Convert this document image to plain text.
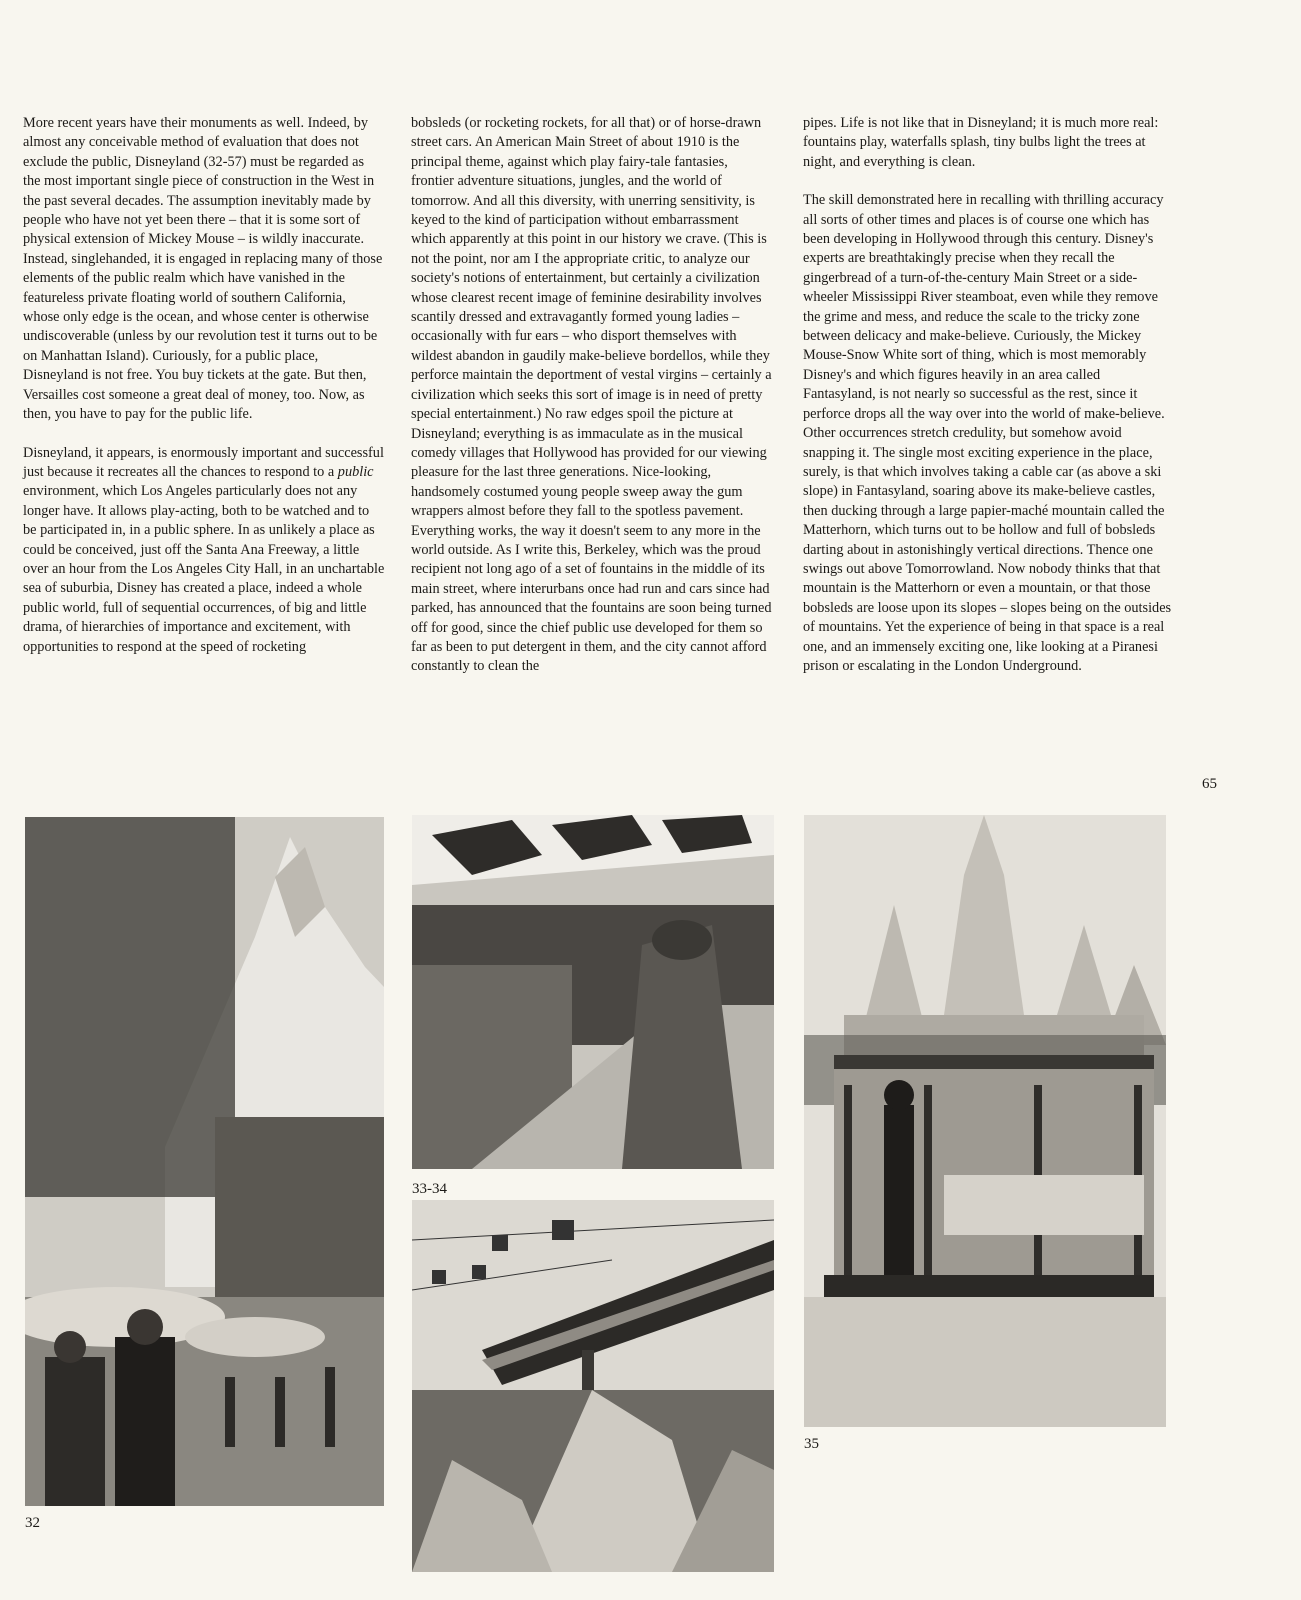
More recent years have their monuments as well. Indeed, by almost any conceivable method of evaluation that does not exclude the public, Disneyland (32-57) must be regarded as the most important single piece of construction in the West in the past several decades. The assumption inevitably made by people who have not yet been there – that it is some sort of physical extension of Mickey Mouse – is wildly inaccurate. Instead, singlehanded, it is engaged in replacing many of those elements of the public realm which have vanished in the featureless private floating world of southern California, whose only edge is the ocean, and whose center is otherwise undiscoverable (unless by our revolution test it turns out to be on Manhattan Island). Curiously, for a public place, Disneyland is not free. You buy tickets at the gate. But then, Versailles cost someone a great deal of money, too. Now, as then, you have to pay for the public life.

Disneyland, it appears, is enormously important and successful just because it recreates all the chances to respond to a public environment, which Los Angeles particularly does not any longer have. It allows play-acting, both to be watched and to be participated in, in a public sphere. In as unlikely a place as could be conceived, just off the Santa Ana Freeway, a little over an hour from the Los Angeles City Hall, in an unchartable sea of suburbia, Disney has created a place, indeed a whole public world, full of sequential occurrences, of big and little drama, of hierarchies of importance and excitement, with opportunities to respond at the speed of rocketing

bobsleds (or rocketing rockets, for all that) or of horse-drawn street cars. An American Main Street of about 1910 is the principal theme, against which play fairy-tale fantasies, frontier adventure situations, jungles, and the world of tomorrow. And all this diversity, with unerring sensitivity, is keyed to the kind of participation without embarrassment which apparently at this point in our history we crave. (This is not the point, nor am I the appropriate critic, to analyze our society's notions of entertainment, but certainly a civilization whose clearest recent image of feminine desirability involves scantily dressed and extravagantly formed young ladies – occasionally with fur ears – who disport themselves with wildest abandon in gaudily make-believe bordellos, while they perforce maintain the deportment of vestal virgins – certainly a civilization which seeks this sort of image is in need of pretty special entertainment.) No raw edges spoil the picture at Disneyland; everything is as immaculate as in the musical comedy villages that Hollywood has provided for our viewing pleasure for the last three generations. Nice-looking, handsomely costumed young people sweep away the gum wrappers almost before they fall to the spotless pavement. Everything works, the way it doesn't seem to any more in the world outside. As I write this, Berkeley, which was the proud recipient not long ago of a set of fountains in the middle of its main street, where interurbans once had run and cars since had parked, has announced that the fountains are soon being turned off for good, since the chief public use developed for them so far as been to put detergent in them, and the city cannot afford constantly to clean the

pipes. Life is not like that in Disneyland; it is much more real: fountains play, waterfalls splash, tiny bulbs light the trees at night, and everything is clean.

The skill demonstrated here in recalling with thrilling accuracy all sorts of other times and places is of course one which has been developing in Hollywood through this century. Disney's experts are breathtakingly precise when they recall the gingerbread of a turn-of-the-century Main Street or a side-wheeler Mississippi River steamboat, even while they remove the grime and mess, and reduce the scale to the tricky zone between delicacy and make-believe. Curiously, the Mickey Mouse-Snow White sort of thing, which is most memorably Disney's and which figures heavily in an area called Fantasyland, is not nearly so successful as the rest, since it perforce drops all the way over into the world of make-believe. Other occurrences stretch credulity, but somehow avoid snapping it. The single most exciting experience in the place, surely, is that which involves taking a cable car (as above a ski slope) in Fantasyland, soaring above its make-believe castles, then ducking through a large papier-maché mountain called the Matterhorn, which turns out to be hollow and full of bobsleds darting about in astonishingly vertical directions. Thence one swings out above Tomorrowland. Now nobody thinks that that mountain is the Matterhorn or even a mountain, or that those bobsleds are loose upon its slopes – slopes being on the outsides of mountains. Yet the experience of being in that space is a real one, and an immensely exciting one, like looking at a Piranesi prison or escalating in the London Underground.

65
32
33-34
35
